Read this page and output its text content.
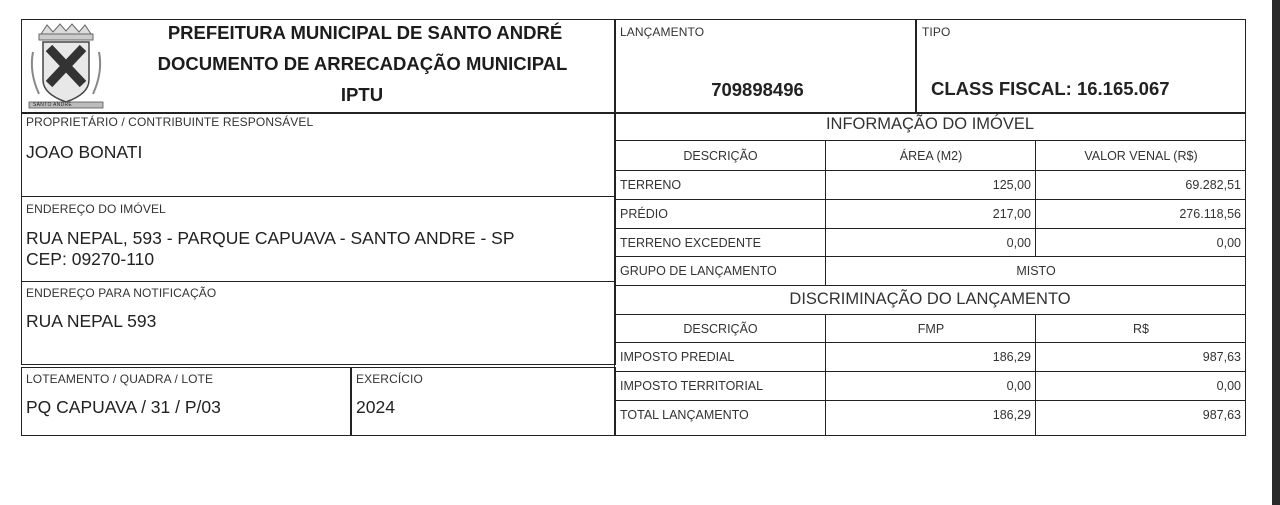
SANTO ANDRE
PREFEITURA MUNICIPAL DE SANTO ANDRÉ
DOCUMENTO DE ARRECADAÇÃO MUNICIPAL
IPTU
PROPRIETÁRIO / CONTRIBUINTE RESPONSÁVEL
JOAO BONATI
ENDEREÇO DO IMÓVEL
RUA NEPAL, 593 - PARQUE CAPUAVA - SANTO ANDRE - SP
CEP: 09270-110
ENDEREÇO PARA NOTIFICAÇÃO
RUA NEPAL 593
LOTEAMENTO / QUADRA / LOTE
PQ CAPUAVA / 31 / P/03
EXERCÍCIO
2024
LANÇAMENTO
709898496
TIPO
CLASS FISCAL: 16.165.067
INFORMAÇÃO DO IMÓVEL
DESCRIÇÃO	ÁREA (M2)	VALOR VENAL (R$)
TERRENO	125,00	69.282,51
PRÉDIO	217,00	276.118,56
TERRENO EXCEDENTE	0,00	0,00
GRUPO DE LANÇAMENTO	MISTO
DISCRIMINAÇÃO DO LANÇAMENTO
DESCRIÇÃO	FMP	R$
IMPOSTO PREDIAL	186,29	987,63
IMPOSTO TERRITORIAL	0,00	0,00
TOTAL LANÇAMENTO	186,29	987,63
